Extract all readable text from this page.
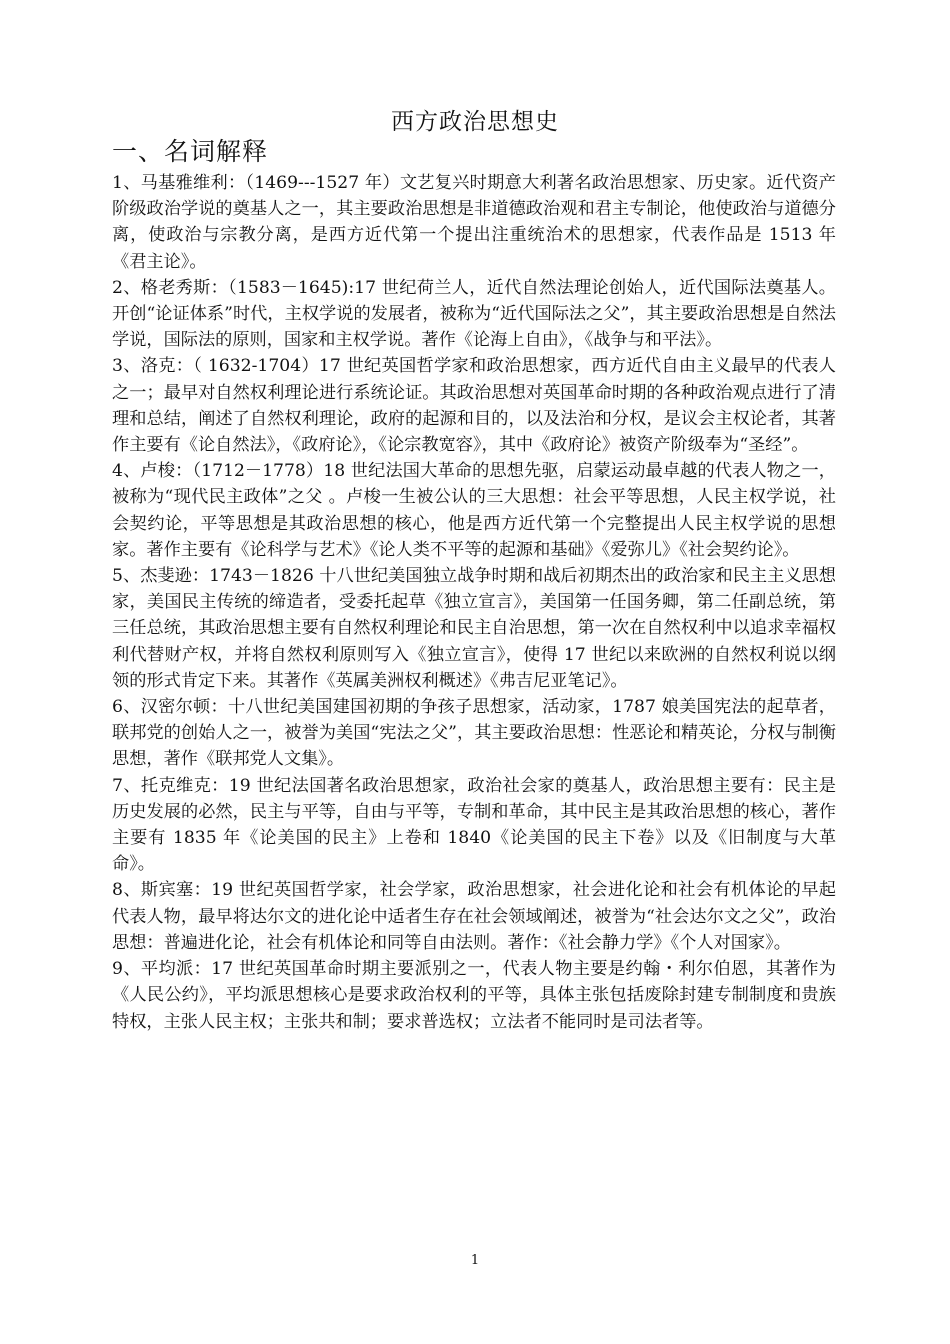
西方政治思想史
一、名词解释

1、马基雅维利：（1469---1527 年）文艺复兴时期意大利著名政治思想家、历史家。近代资产阶级政治学说的奠基人之一，其主要政治思想是非道德政治观和君主专制论，他使政治与道德分离，使政治与宗教分离，是西方近代第一个提出注重统治术的思想家，代表作品是 1513 年《君主论》。

2、格老秀斯：（1583－1645):17 世纪荷兰人，近代自然法理论创始人，近代国际法奠基人。开创“论证体系”时代，主权学说的发展者，被称为“近代国际法之父”，其主要政治思想是自然法学说，国际法的原则，国家和主权学说。著作《论海上自由》，《战争与和平法》。

3、洛克：（ 1632-1704）17 世纪英国哲学家和政治思想家，西方近代自由主义最早的代表人之一；最早对自然权利理论进行系统论证。其政治思想对英国革命时期的各种政治观点进行了清理和总结，阐述了自然权利理论，政府的起源和目的，以及法治和分权，是议会主权论者，其著作主要有《论自然法》，《政府论》，《论宗教宽容》，其中《政府论》被资产阶级奉为“圣经”。

4、卢梭：（1712－1778）18 世纪法国大革命的思想先驱，启蒙运动最卓越的代表人物之一，被称为“现代民主政体”之父 。卢梭一生被公认的三大思想：社会平等思想，人民主权学说，社会契约论，平等思想是其政治思想的核心，他是西方近代第一个完整提出人民主权学说的思想家。著作主要有《论科学与艺术》《论人类不平等的起源和基础》《爱弥儿》《社会契约论》。

5、杰斐逊：1743－1826 十八世纪美国独立战争时期和战后初期杰出的政治家和民主主义思想家，美国民主传统的缔造者，受委托起草《独立宣言》，美国第一任国务卿，第二任副总统，第三任总统，其政治思想主要有自然权利理论和民主自治思想，第一次在自然权利中以追求幸福权利代替财产权，并将自然权利原则写入《独立宣言》，使得 17 世纪以来欧洲的自然权利说以纲领的形式肯定下来。其著作《英属美洲权利概述》《弗吉尼亚笔记》。

6、汉密尔顿：十八世纪美国建国初期的争孩子思想家，活动家，1787 娘美国宪法的起草者，联邦党的创始人之一，被誉为美国“宪法之父”，其主要政治思想：性恶论和精英论，分权与制衡思想，著作《联邦党人文集》。

7、托克维克：19 世纪法国著名政治思想家，政治社会家的奠基人，政治思想主要有：民主是历史发展的必然，民主与平等，自由与平等，专制和革命，其中民主是其政治思想的核心，著作主要有 1835 年《论美国的民主》上卷和 1840《论美国的民主下卷》以及《旧制度与大革命》。

8、斯宾塞：19 世纪英国哲学家，社会学家，政治思想家，社会进化论和社会有机体论的早起代表人物，最早将达尔文的进化论中适者生存在社会领域阐述，被誉为“社会达尔文之父”，政治思想：普遍进化论，社会有机体论和同等自由法则。著作：《社会静力学》《个人对国家》。

9、平均派：17 世纪英国革命时期主要派别之一，代表人物主要是约翰・利尔伯恩，其著作为《人民公约》，平均派思想核心是要求政治权利的平等，具体主张包括废除封建专制制度和贵族特权，主张人民主权；主张共和制；要求普选权；立法者不能同时是司法者等。

1
